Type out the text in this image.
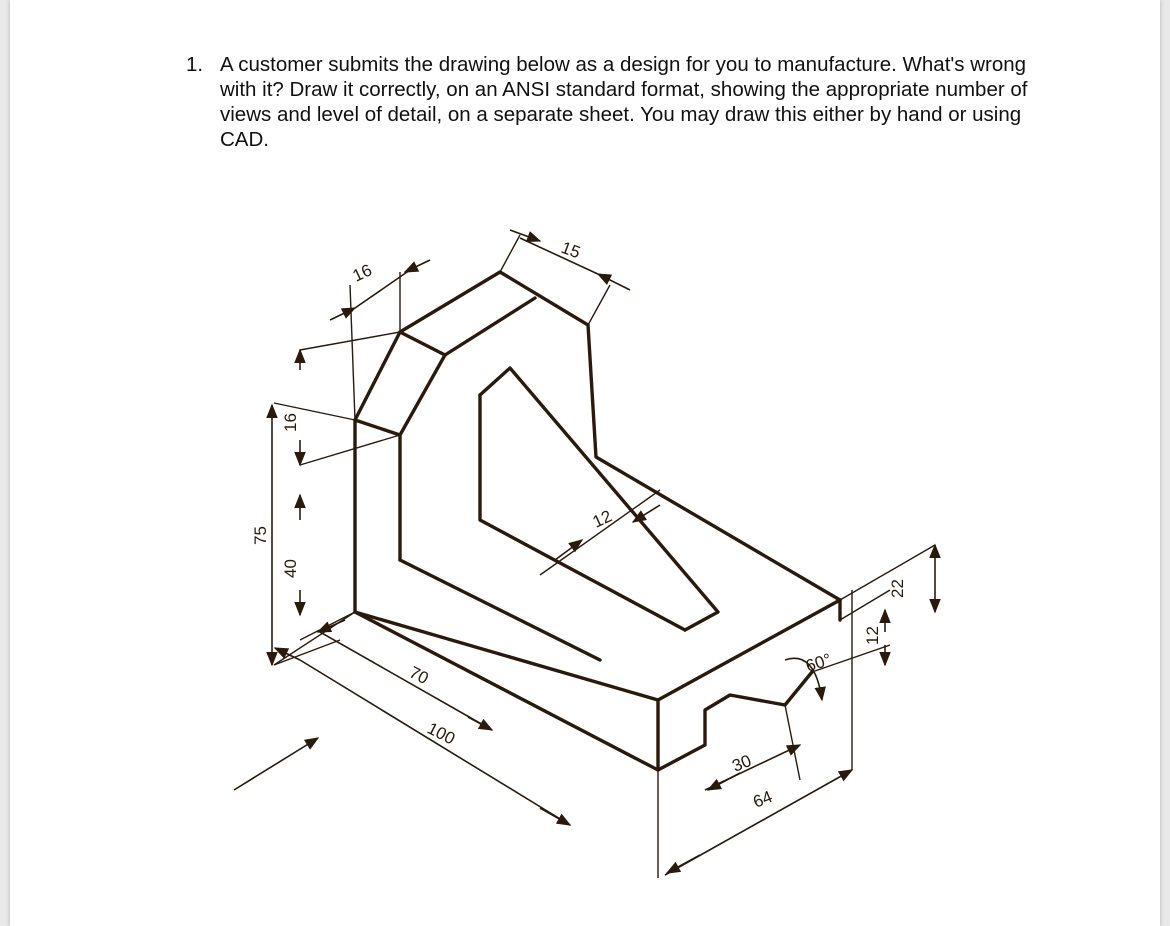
1. A customer submits the drawing below as a design for you to manufacture. What's wrong with it? Draw it correctly, on an ANSI standard format, showing the appropriate number of views and level of detail, on a separate sheet. You may draw this either by hand or using CAD.
15
16
16
75
40
12
70
100
60°
12
22
30
64
